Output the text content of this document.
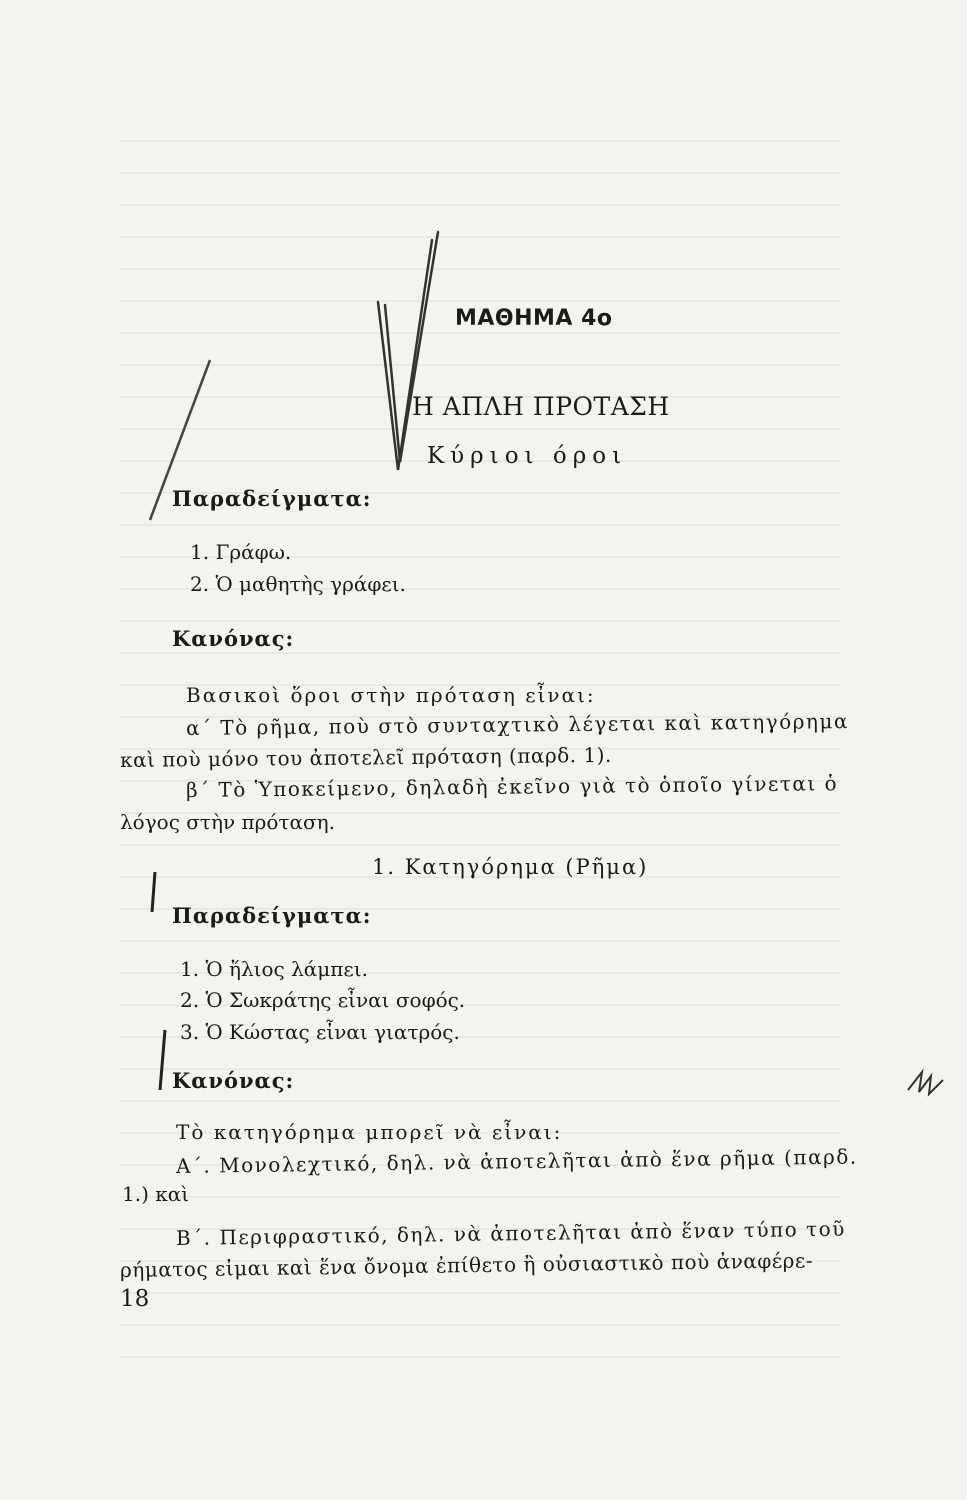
ΜΑΘΗΜΑ 4ο
Η ΑΠΛΗ ΠΡΟΤΑΣΗ
Κύριοι όροι
Παραδείγματα:
1. Γράφω.
2. Ὁ μαθητὴς γράφει.
Κανόνας:
Βασικοὶ ὅροι στὴν πρόταση εἶναι:
α΄ Τὸ ρῆμα, ποὺ στὸ συνταχτικὸ λέγεται καὶ κατηγόρημα
καὶ ποὺ μόνο του ἀποτελεῖ πρόταση (παρδ. 1).
β΄ Τὸ Ὑποκείμενο, δηλαδὴ ἐκεῖνο γιὰ τὸ ὁποῖο γίνεται ὁ
λόγος στὴν πρόταση.
1. Κατηγόρημα (Ρῆμα)
Παραδείγματα:
1. Ὁ ἥλιος λάμπει.
2. Ὁ Σωκράτης εἶναι σοφός.
3. Ὁ Κώστας εἶναι γιατρός.
Κανόνας:
Τὸ κατηγόρημα μπορεῖ νὰ εἶναι:
Α΄. Μονολεχτικό, δηλ. νὰ ἀποτελῆται ἀπὸ ἕνα ρῆμα (παρδ.
1.) καὶ
Β΄. Περιφραστικό, δηλ. νὰ ἀποτελῆται ἀπὸ ἕναν τύπο τοῦ
ρήματος εἰμαι καὶ ἕνα ὄνομα ἐπίθετο ἢ οὐσιαστικὸ ποὺ ἀναφέρε-
18
